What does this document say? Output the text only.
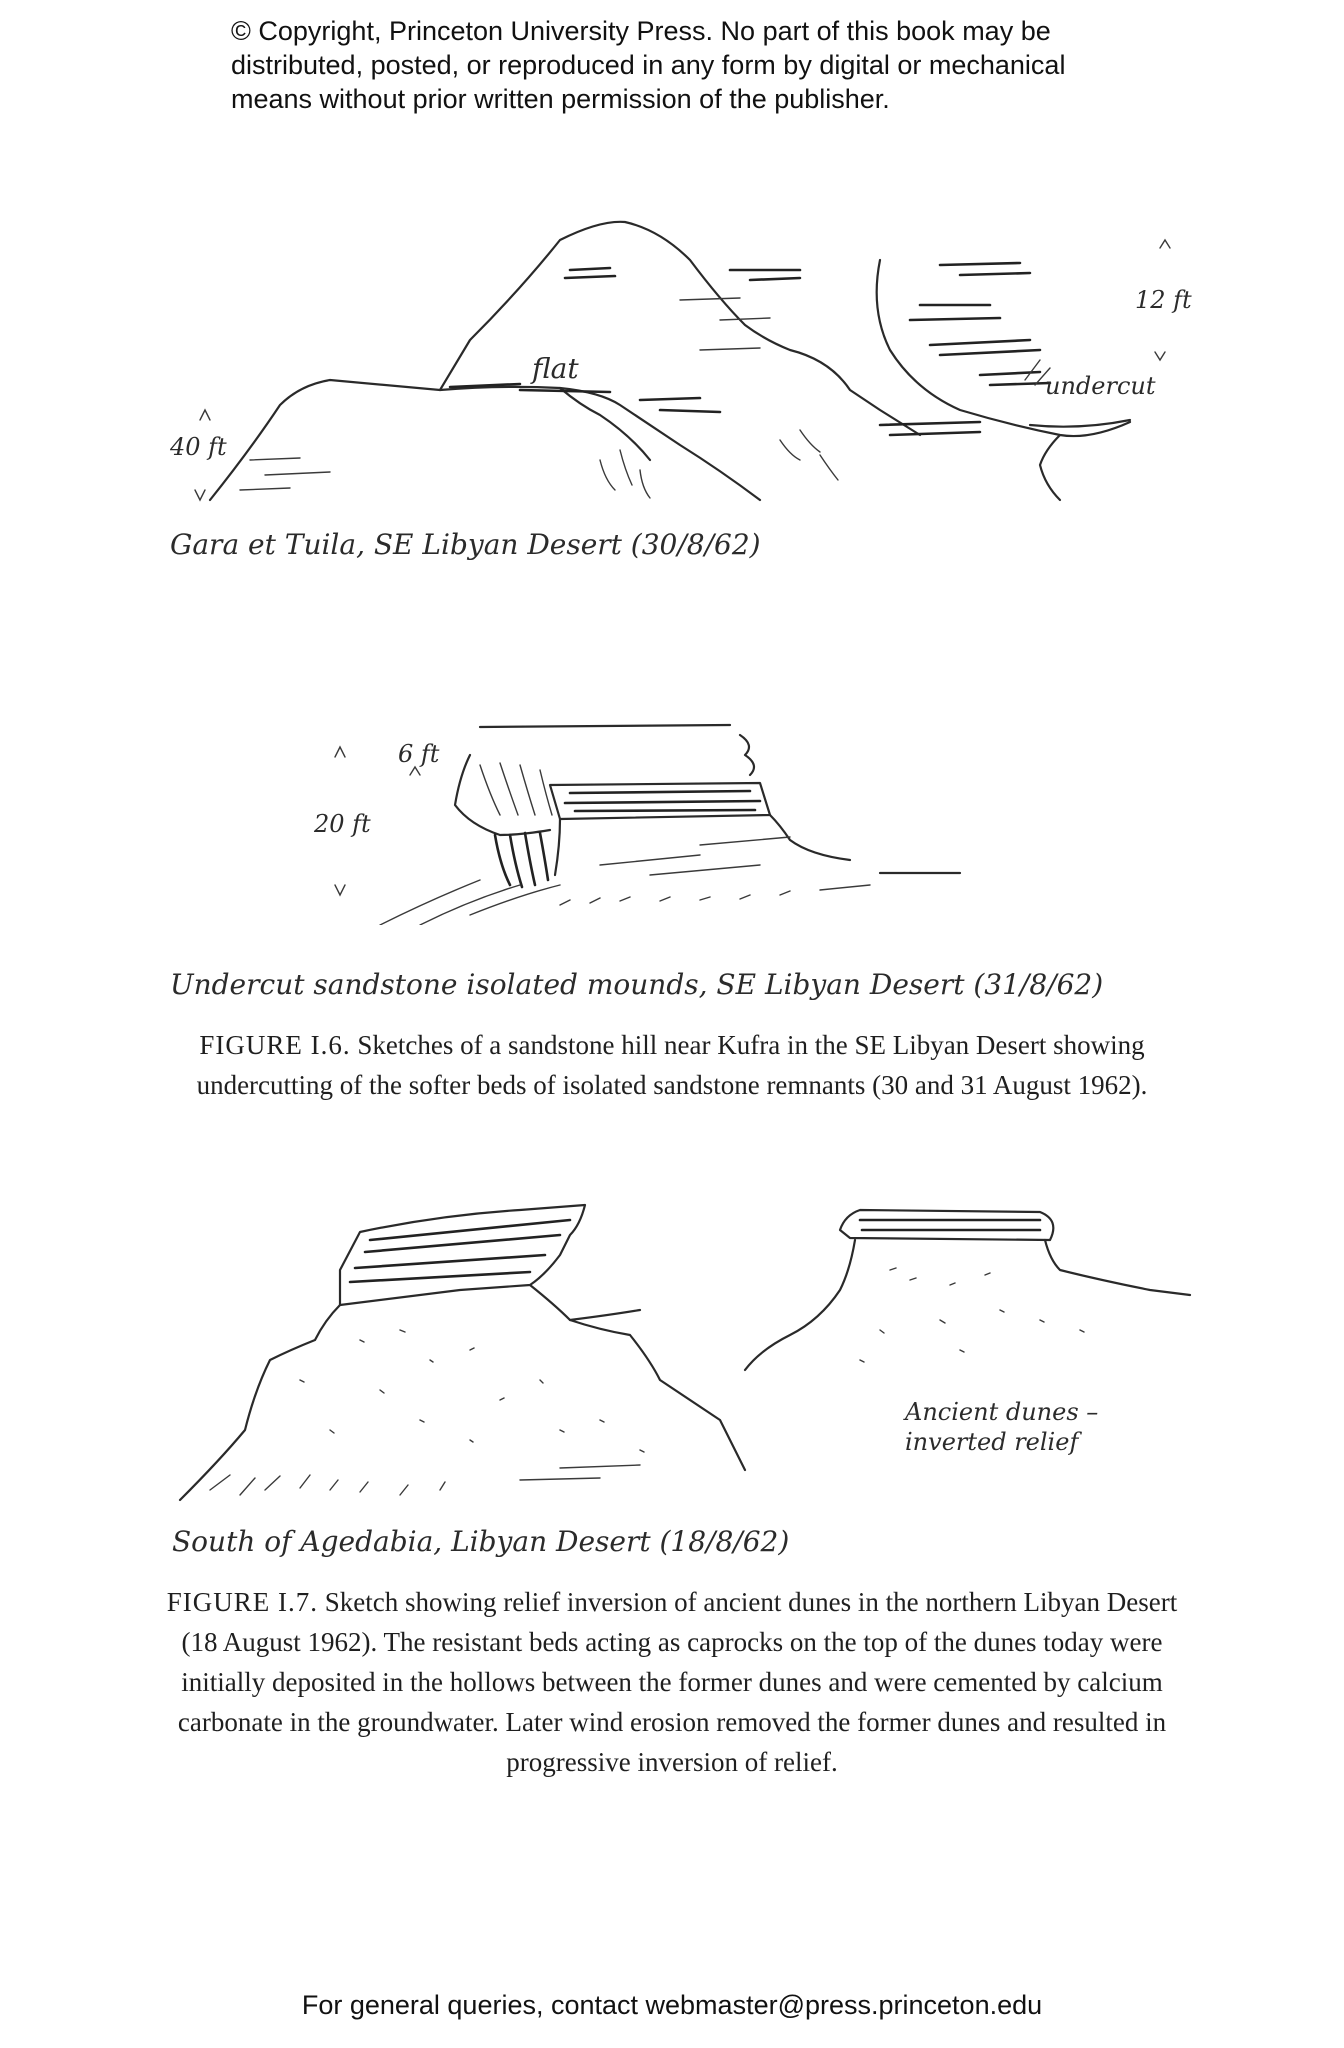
© Copyright, Princeton University Press. No part of this book may be
distributed, posted, or reproduced in any form by digital or mechanical
means without prior written permission of the publisher.
flat
40 ft
12 ft
undercut
Gara et Tuila, SE Libyan Desert (30/8/62)
6 ft
20 ft
Undercut sandstone isolated mounds, SE Libyan Desert (31/8/62)
FIGURE I.6. Sketches of a sandstone hill near Kufra in the SE Libyan Desert showing
undercutting of the softer beds of isolated sandstone remnants (30 and 31 August 1962).
Ancient dunes –
inverted relief
South of Agedabia, Libyan Desert (18/8/62)
FIGURE I.7. Sketch showing relief inversion of ancient dunes in the northern Libyan Desert
(18 August 1962). The resistant beds acting as caprocks on the top of the dunes today were
initially deposited in the hollows between the former dunes and were cemented by calcium
carbonate in the groundwater. Later wind erosion removed the former dunes and resulted in
progressive inversion of relief.
For general queries, contact webmaster@press.princeton.edu
